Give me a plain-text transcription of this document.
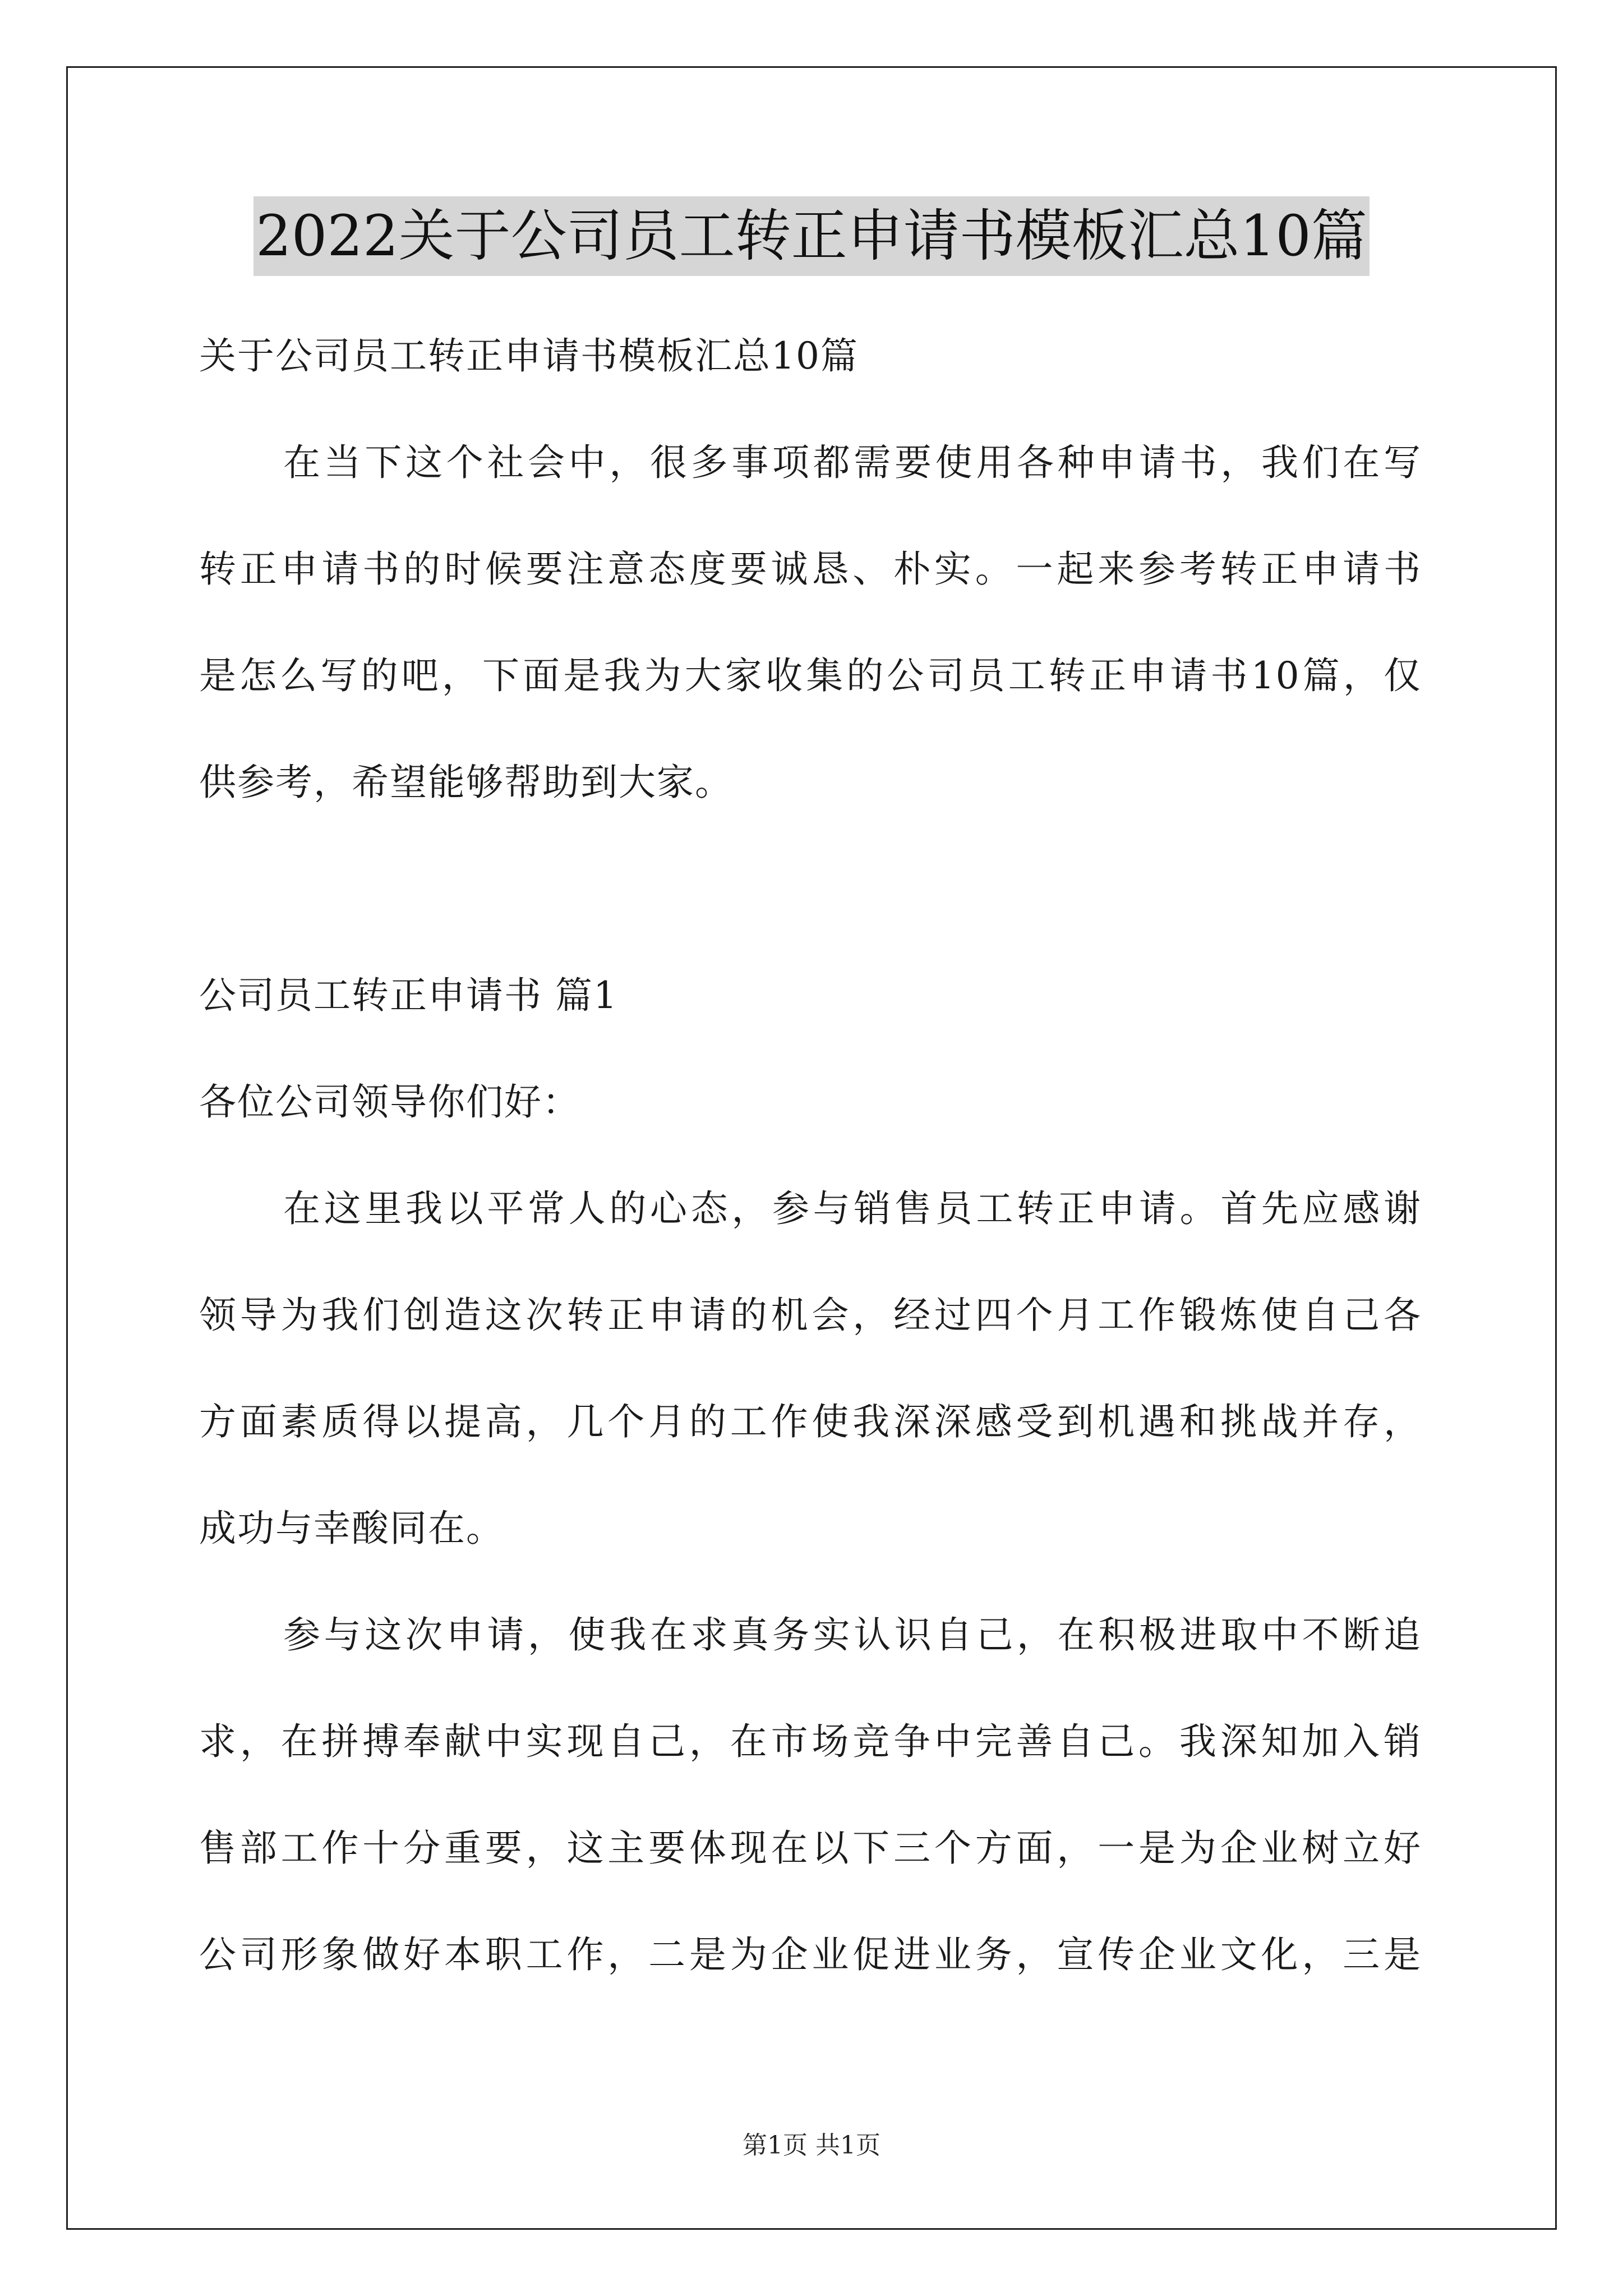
2022关于公司员工转正申请书模板汇总10篇
关于公司员工转正申请书模板汇总10篇
在当下这个社会中，很多事项都需要使用各种申请书，我们在写
转正申请书的时候要注意态度要诚恳、朴实。一起来参考转正申请书
是怎么写的吧，下面是我为大家收集的公司员工转正申请书10篇，仅
供参考，希望能够帮助到大家。
公司员工转正申请书 篇1
各位公司领导你们好：
在这里我以平常人的心态，参与销售员工转正申请。首先应感谢
领导为我们创造这次转正申请的机会，经过四个月工作锻炼使自己各
方面素质得以提高，几个月的工作使我深深感受到机遇和挑战并存，
成功与幸酸同在。
参与这次申请，使我在求真务实认识自己，在积极进取中不断追
求，在拼搏奉献中实现自己，在市场竞争中完善自己。我深知加入销
售部工作十分重要，这主要体现在以下三个方面，一是为企业树立好
公司形象做好本职工作，二是为企业促进业务，宣传企业文化，三是
第1页 共1页
